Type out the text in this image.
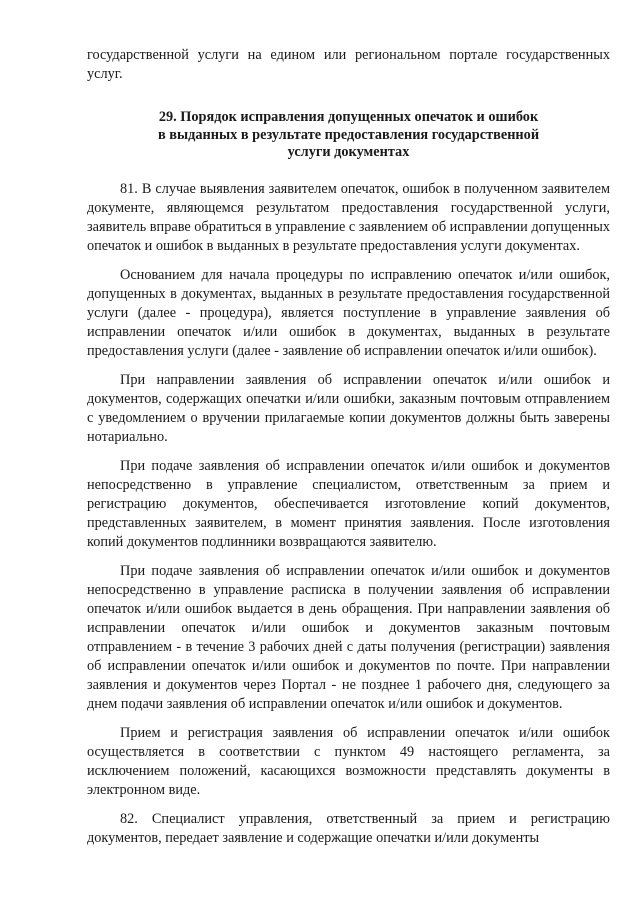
государственной услуги на едином или региональном портале государственных услуг.

29. Порядок исправления допущенных опечаток и ошибок
в выданных в результате предоставления государственной
услуги документах

81. В случае выявления заявителем опечаток, ошибок в полученном заявителем документе, являющемся результатом предоставления государственной услуги, заявитель вправе обратиться в управление с заявлением об исправлении допущенных опечаток и ошибок в выданных в результате предоставления услуги документах.

Основанием для начала процедуры по исправлению опечаток и/или ошибок, допущенных в документах, выданных в результате предоставления государственной услуги (далее - процедура), является поступление в управление заявления об исправлении опечаток и/или ошибок в документах, выданных в результате предоставления услуги (далее - заявление об исправлении опечаток и/или ошибок).

При направлении заявления об исправлении опечаток и/или ошибок и документов, содержащих опечатки и/или ошибки, заказным почтовым отправлением с уведомлением о вручении прилагаемые копии документов должны быть заверены нотариально.

При подаче заявления об исправлении опечаток и/или ошибок и документов непосредственно в управление специалистом, ответственным за прием и регистрацию документов, обеспечивается изготовление копий документов, представленных заявителем, в момент принятия заявления. После изготовления копий документов подлинники возвращаются заявителю.

При подаче заявления об исправлении опечаток и/или ошибок и документов непосредственно в управление расписка в получении заявления об исправлении опечаток и/или ошибок выдается в день обращения. При направлении заявления об исправлении опечаток и/или ошибок и документов заказным почтовым отправлением - в течение 3 рабочих дней с даты получения (регистрации) заявления об исправлении опечаток и/или ошибок и документов по почте. При направлении заявления и документов через Портал - не позднее 1 рабочего дня, следующего за днем подачи заявления об исправлении опечаток и/или ошибок и документов.

Прием и регистрация заявления об исправлении опечаток и/или ошибок осуществляется в соответствии с пунктом 49 настоящего регламента, за исключением положений, касающихся возможности представлять документы в электронном виде.

82. Специалист управления, ответственный за прием и регистрацию документов, передает заявление и содержащие опечатки и/или документы
